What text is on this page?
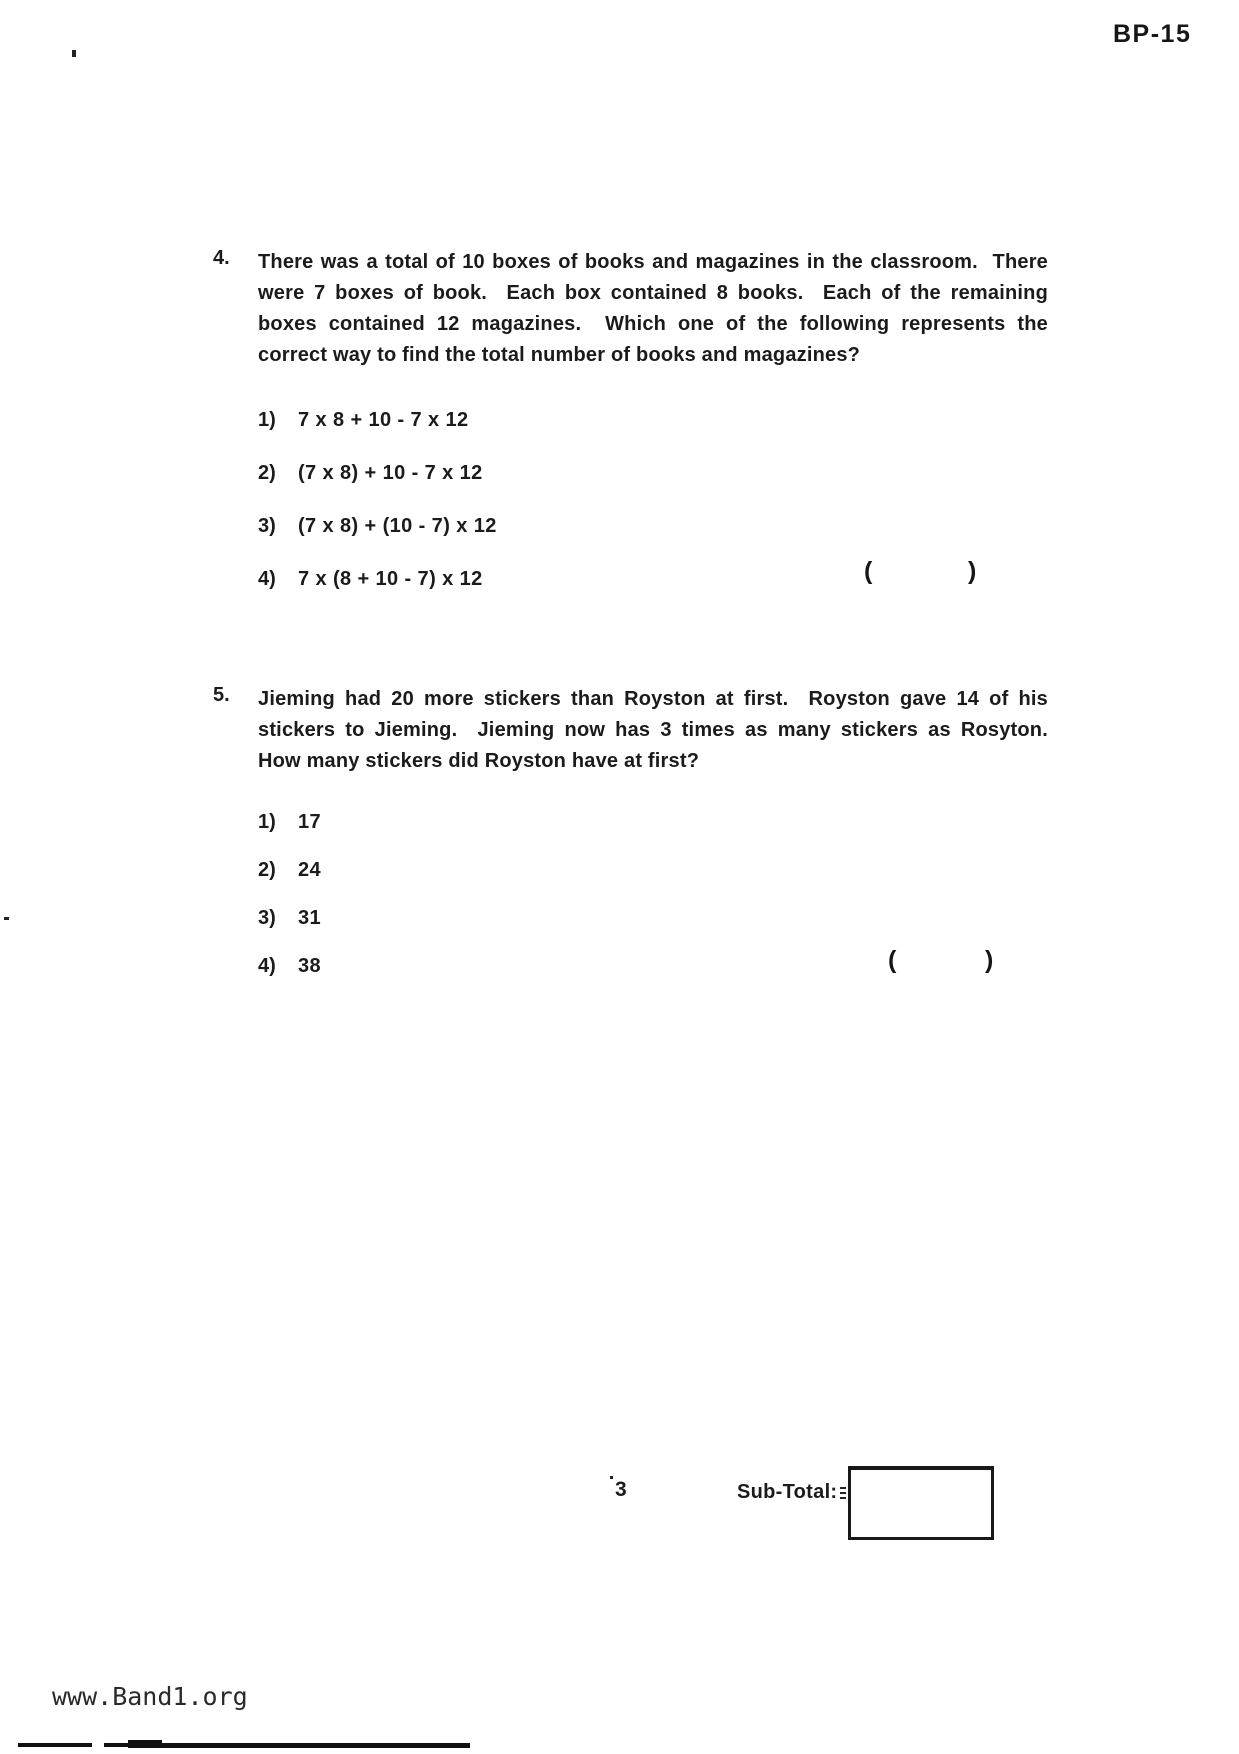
BP-15
4.	There was a total of 10 boxes of books and magazines in the classroom.  There
were 7 boxes of book.  Each box contained 8 books.  Each of the remaining
boxes contained 12 magazines.  Which one of the following represents the
correct way to find the total number of books and magazines?
1)	7 x 8 + 10 - 7 x 12
2)	(7 x 8) + 10 - 7 x 12
3)	(7 x 8) + (10 - 7) x 12
4)	7 x (8 + 10 - 7) x 12	(	)
5.	Jieming had 20 more stickers than Royston at first.  Royston gave 14 of his
stickers to Jieming.  Jieming now has 3 times as many stickers as Rosyton.
How many stickers did Royston have at first?
1)	17
2)	24
3)	31
4)	38	(	)
3	Sub-Total:
www.Band1.org
